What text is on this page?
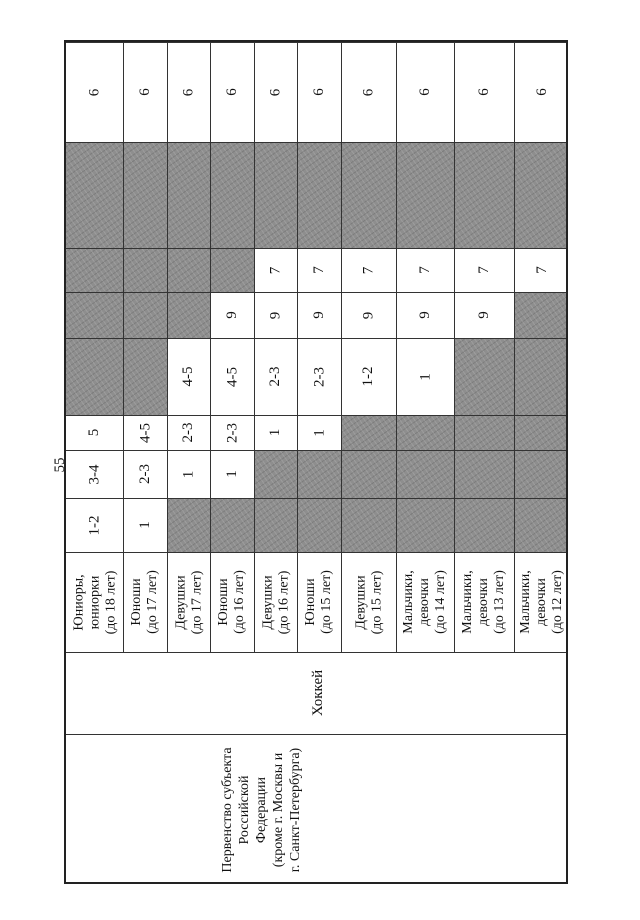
55
Первенство субъекта
Российской
Федерации
(кроме г. Москвы и
г. Санкт-Петербурга)
Хоккей
Юниоры,
юниорки
(до 18 лет)
1-2
3-4
5
6
Юноши
(до 17 лет)
1
2-3
4-5
6
Девушки
(до 17 лет)
1
2-3
4-5
6
Юноши
(до 16 лет)
1
2-3
4-5
9
6
Девушки
(до 16 лет)
1
2-3
9
7
6
Юноши
(до 15 лет)
1
2-3
9
7
6
Девушки
(до 15 лет)
1-2
9
7
6
Мальчики,
девочки
(до 14 лет)
1
9
7
6
Мальчики,
девочки
(до 13 лет)
9
7
6
Мальчики,
девочки
(до 12 лет)
7
6
